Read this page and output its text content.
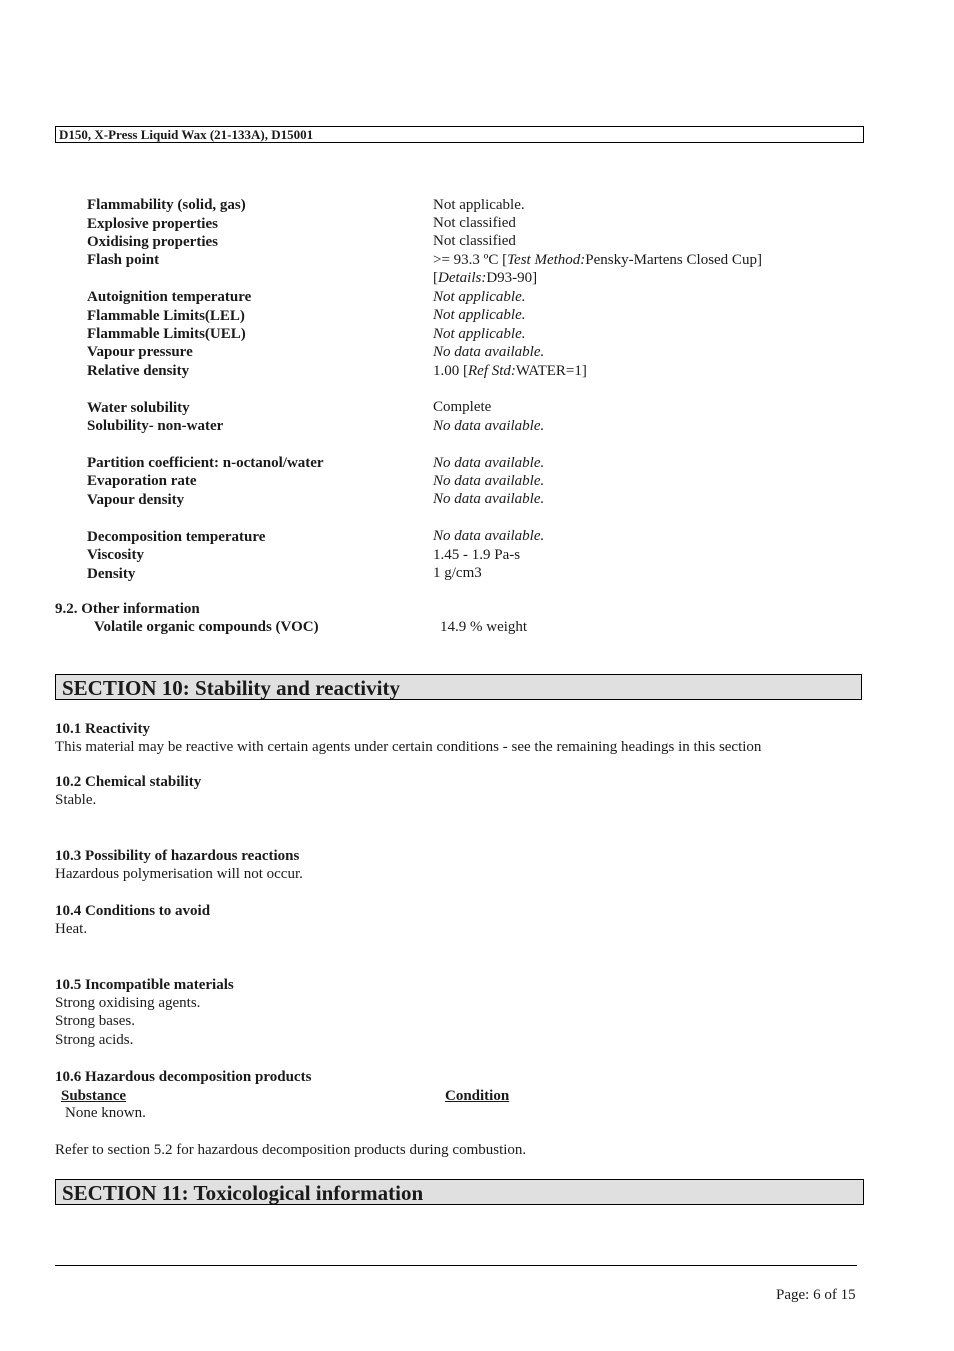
D150, X-Press Liquid Wax (21-133A), D15001
Flammability (solid, gas)	Not applicable.
Explosive properties	Not classified
Oxidising properties	Not classified
Flash point	>= 93.3 ºC [Test Method:Pensky-Martens Closed Cup]
[Details:D93-90]
Autoignition temperature	Not applicable.
Flammable Limits(LEL)	Not applicable.
Flammable Limits(UEL)	Not applicable.
Vapour pressure	No data available.
Relative density	1.00 [Ref Std:WATER=1]
Water solubility	Complete
Solubility- non-water	No data available.
Partition coefficient: n-octanol/water	No data available.
Evaporation rate	No data available.
Vapour density	No data available.
Decomposition temperature	No data available.
Viscosity	1.45 - 1.9 Pa-s
Density	1 g/cm3
9.2. Other information
Volatile organic compounds (VOC)	14.9 % weight
SECTION 10: Stability and reactivity
10.1 Reactivity
This material may be reactive with certain agents under certain conditions - see the remaining headings in this section
10.2 Chemical stability
Stable.
10.3 Possibility of hazardous reactions
Hazardous polymerisation will not occur.
10.4 Conditions to avoid
Heat.
10.5 Incompatible materials
Strong oxidising agents.
Strong bases.
Strong acids.
10.6 Hazardous decomposition products
Substance	Condition
None known.
Refer to section 5.2 for hazardous decomposition products during combustion.
SECTION 11: Toxicological information
Page: 6 of 15
